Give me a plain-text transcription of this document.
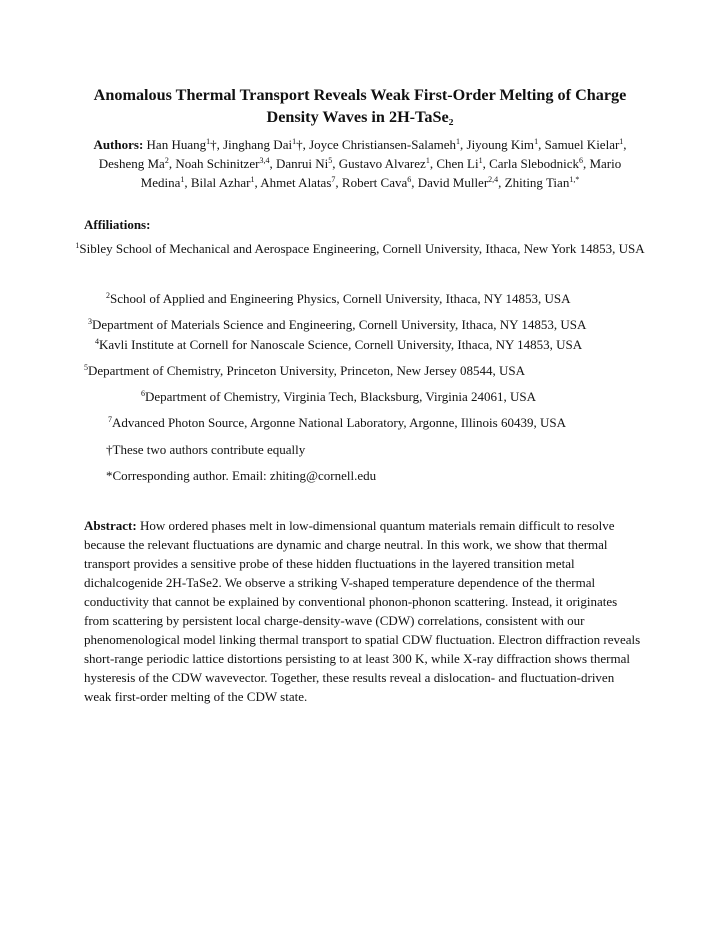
Anomalous Thermal Transport Reveals Weak First-Order Melting of Charge Density Waves in 2H-TaSe₂
Authors: Han Huang$^1$†, Jinghang Dai$^1$†, Joyce Christiansen-Salameh$^1$, Jiyoung Kim$^1$, Samuel Kielar$^1$, Desheng Ma$^2$, Noah Schinitzer$^{3,4}$, Danrui Ni$^5$, Gustavo Alvarez$^1$, Chen Li$^1$, Carla Slebodnick$^6$, Mario Medina$^1$, Bilal Azhar$^1$, Ahmet Alatas$^7$, Robert Cava$^6$, David Muller$^{2,4}$, Zhiting Tian$^{1,*}$
Affiliations:
$^1$Sibley School of Mechanical and Aerospace Engineering, Cornell University, Ithaca, New York 14853, USA
$^2$School of Applied and Engineering Physics, Cornell University, Ithaca, NY 14853, USA
$^3$Department of Materials Science and Engineering, Cornell University, Ithaca, NY 14853, USA
$^4$Kavli Institute at Cornell for Nanoscale Science, Cornell University, Ithaca, NY 14853, USA
$^5$Department of Chemistry, Princeton University, Princeton, New Jersey 08544, USA
$^6$Department of Chemistry, Virginia Tech, Blacksburg, Virginia 24061, USA
$^7$Advanced Photon Source, Argonne National Laboratory, Argonne, Illinois 60439, USA
†These two authors contribute equally
*Corresponding author. Email: zhiting@cornell.edu
Abstract: How ordered phases melt in low-dimensional quantum materials remain difficult to resolve because the relevant fluctuations are dynamic and charge neutral. In this work, we show that thermal transport provides a sensitive probe of these hidden fluctuations in the layered transition metal dichalcogenide 2H-TaSe2. We observe a striking V-shaped temperature dependence of the thermal conductivity that cannot be explained by conventional phonon-phonon scattering. Instead, it originates from scattering by persistent local charge-density-wave (CDW) correlations, consistent with our phenomenological model linking thermal transport to spatial CDW fluctuation. Electron diffraction reveals short-range periodic lattice distortions persisting to at least 300 K, while X-ray diffraction shows thermal hysteresis of the CDW wavevector. Together, these results reveal a dislocation- and fluctuation-driven weak first-order melting of the CDW state.
